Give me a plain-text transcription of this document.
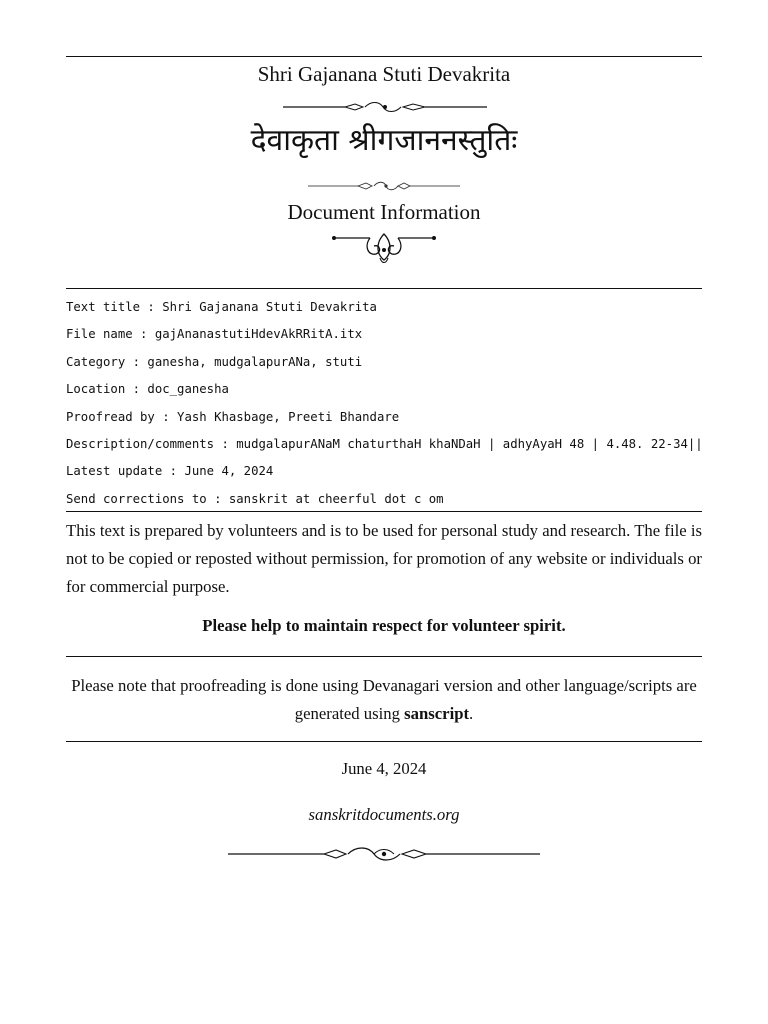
Shri Gajanana Stuti Devakrita
देवाकृता श्रीगजाननस्तुतिः
Document Information
Text title : Shri Gajanana Stuti Devakrita
File name : gajAnanastutiHdevAkRRitA.itx
Category : ganesha, mudgalapurANa, stuti
Location : doc_ganesha
Proofread by : Yash Khasbage, Preeti Bhandare
Description/comments : mudgalapurANaM chaturthaH khaNDaH | adhyAyaH 48 | 4.48. 22-34||
Latest update : June 4, 2024
Send corrections to : sanskrit at cheerful dot c om
This text is prepared by volunteers and is to be used for personal study and research. The file is not to be copied or reposted without permission, for promotion of any website or individuals or for commercial purpose.
Please help to maintain respect for volunteer spirit.
Please note that proofreading is done using Devanagari version and other language/scripts are generated using sanscript.
June 4, 2024
sanskritdocuments.org
